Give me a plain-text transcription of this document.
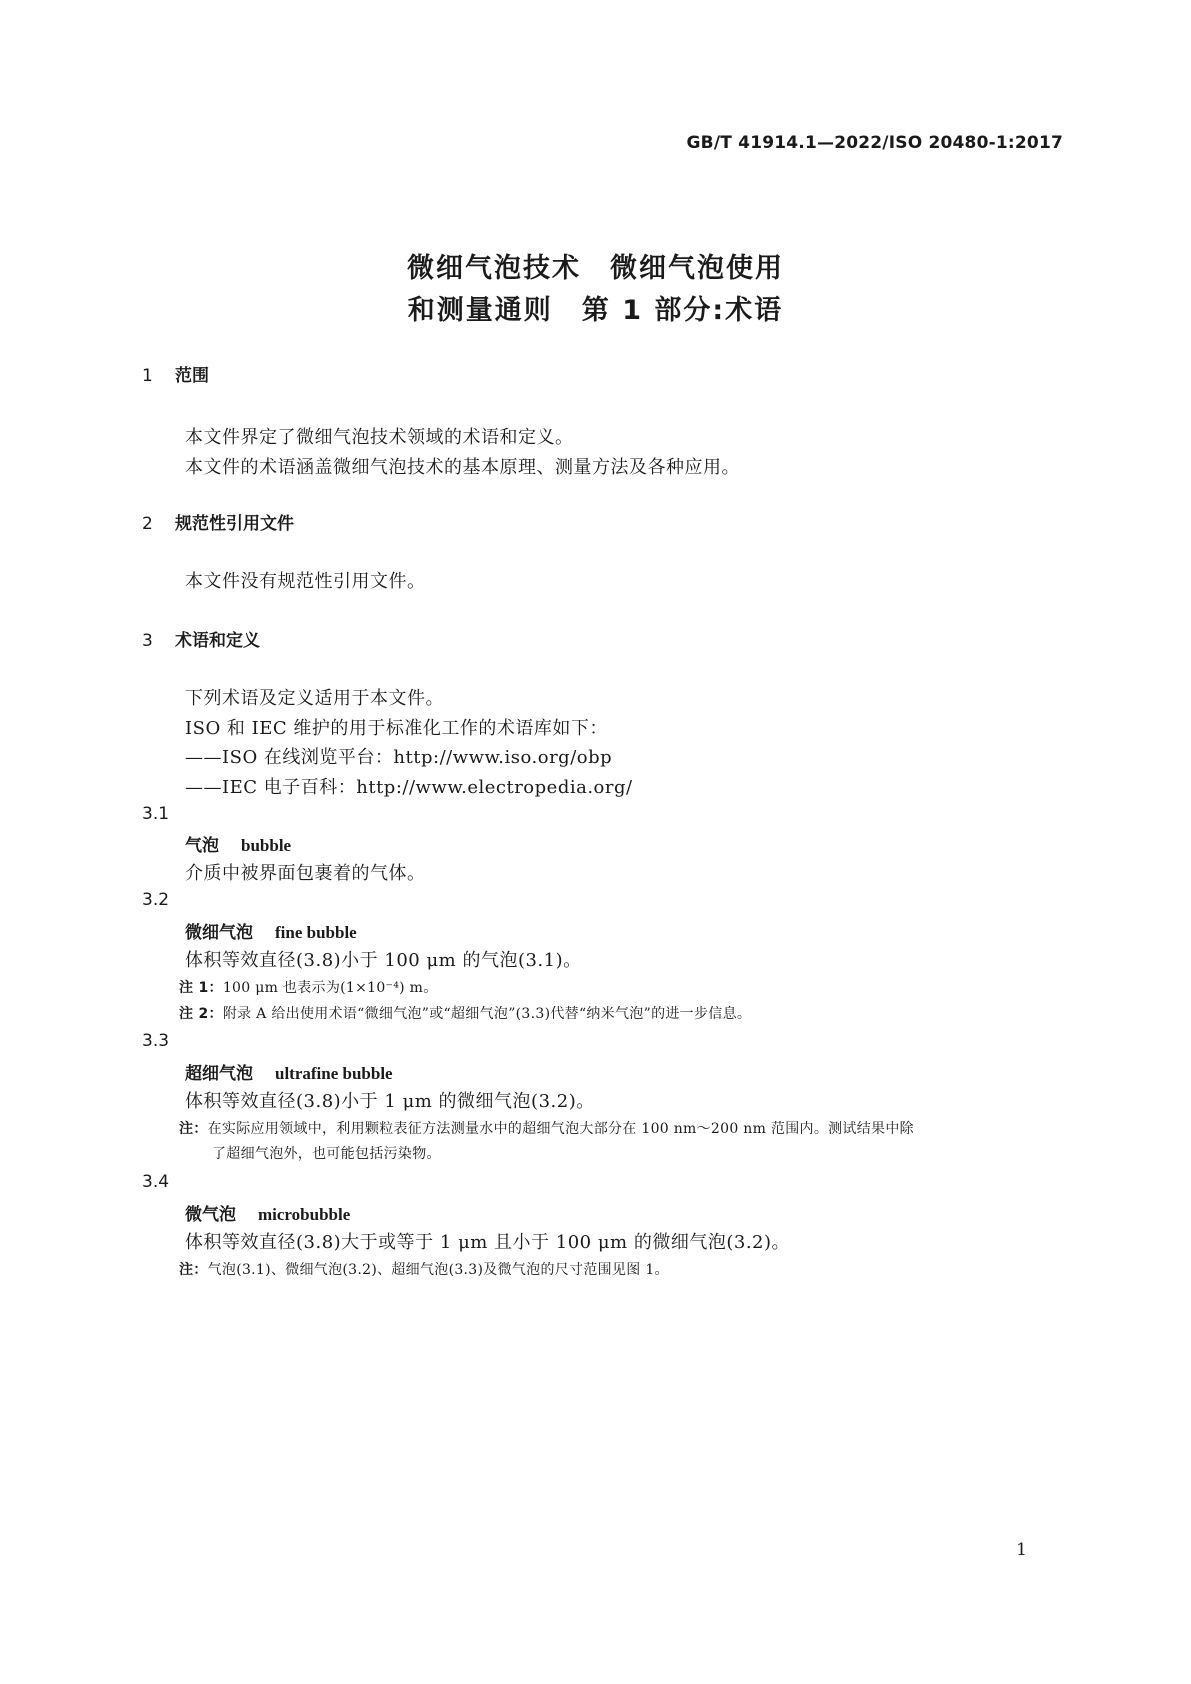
GB/T 41914.1—2022/ISO 20480-1:2017
微细气泡技术　微细气泡使用
和测量通则　第 1 部分:术语
1 范围
本文件界定了微细气泡技术领域的术语和定义。
本文件的术语涵盖微细气泡技术的基本原理、测量方法及各种应用。
2 规范性引用文件
本文件没有规范性引用文件。
3 术语和定义
下列术语及定义适用于本文件。
ISO 和 IEC 维护的用于标准化工作的术语库如下：
——ISO 在线浏览平台：http://www.iso.org/obp
——IEC 电子百科：http://www.electropedia.org/
3.1
气泡 bubble
介质中被界面包裹着的气体。
3.2
微细气泡 fine bubble
体积等效直径(3.8)小于 100 μm 的气泡(3.1)。
注 1：100 μm 也表示为(1×10⁻⁴) m。
注 2：附录 A 给出使用术语“微细气泡”或“超细气泡”(3.3)代替“纳米气泡”的进一步信息。
3.3
超细气泡 ultrafine bubble
体积等效直径(3.8)小于 1 μm 的微细气泡(3.2)。
注：在实际应用领域中，利用颗粒表征方法测量水中的超细气泡大部分在 100 nm～200 nm 范围内。测试结果中除
了超细气泡外，也可能包括污染物。
3.4
微气泡 microbubble
体积等效直径(3.8)大于或等于 1 μm 且小于 100 μm 的微细气泡(3.2)。
注：气泡(3.1)、微细气泡(3.2)、超细气泡(3.3)及微气泡的尺寸范围见图 1。
1
